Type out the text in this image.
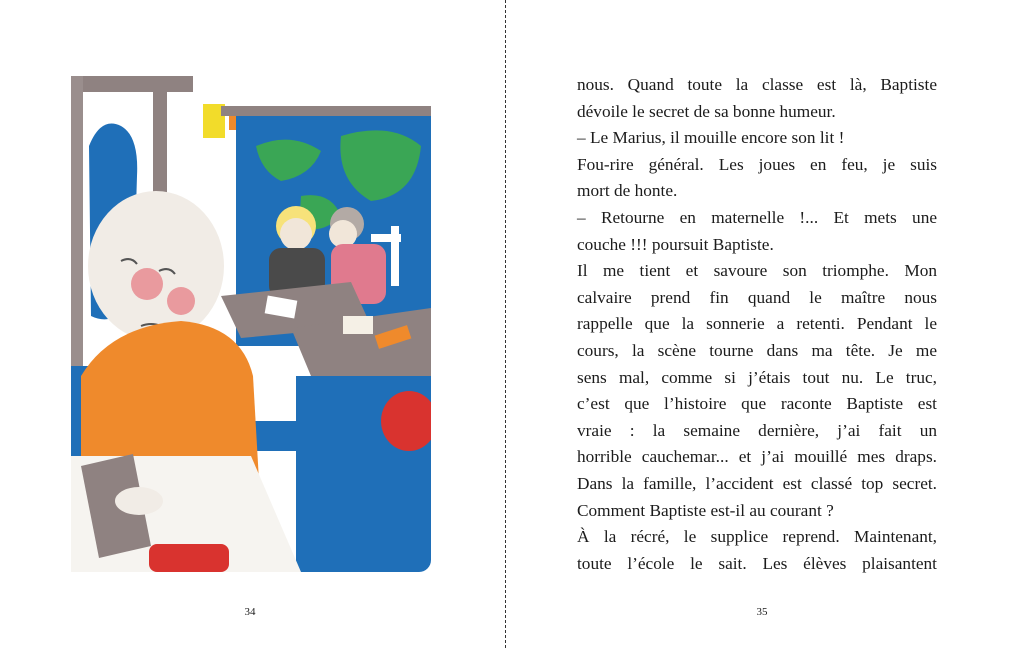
34
nous. Quand toute la classe est là, Baptiste
dévoile le secret de sa bonne humeur.
– Le Marius, il mouille encore son lit !
Fou-rire général. Les joues en feu, je suis
mort de honte.
– Retourne en maternelle !... Et mets une
couche !!! poursuit Baptiste.
Il me tient et savoure son triomphe. Mon
calvaire prend fin quand le maître nous
rappelle que la sonnerie a retenti. Pendant le
cours, la scène tourne dans ma tête. Je me
sens mal, comme si j’étais tout nu. Le truc,
c’est que l’histoire que raconte Baptiste est
vraie : la semaine dernière, j’ai fait un
horrible cauchemar... et j’ai mouillé mes draps.
Dans la famille, l’accident est classé top secret.
Comment Baptiste est-il au courant ?
À la récré, le supplice reprend. Maintenant,
toute l’école le sait. Les élèves plaisantent
35
